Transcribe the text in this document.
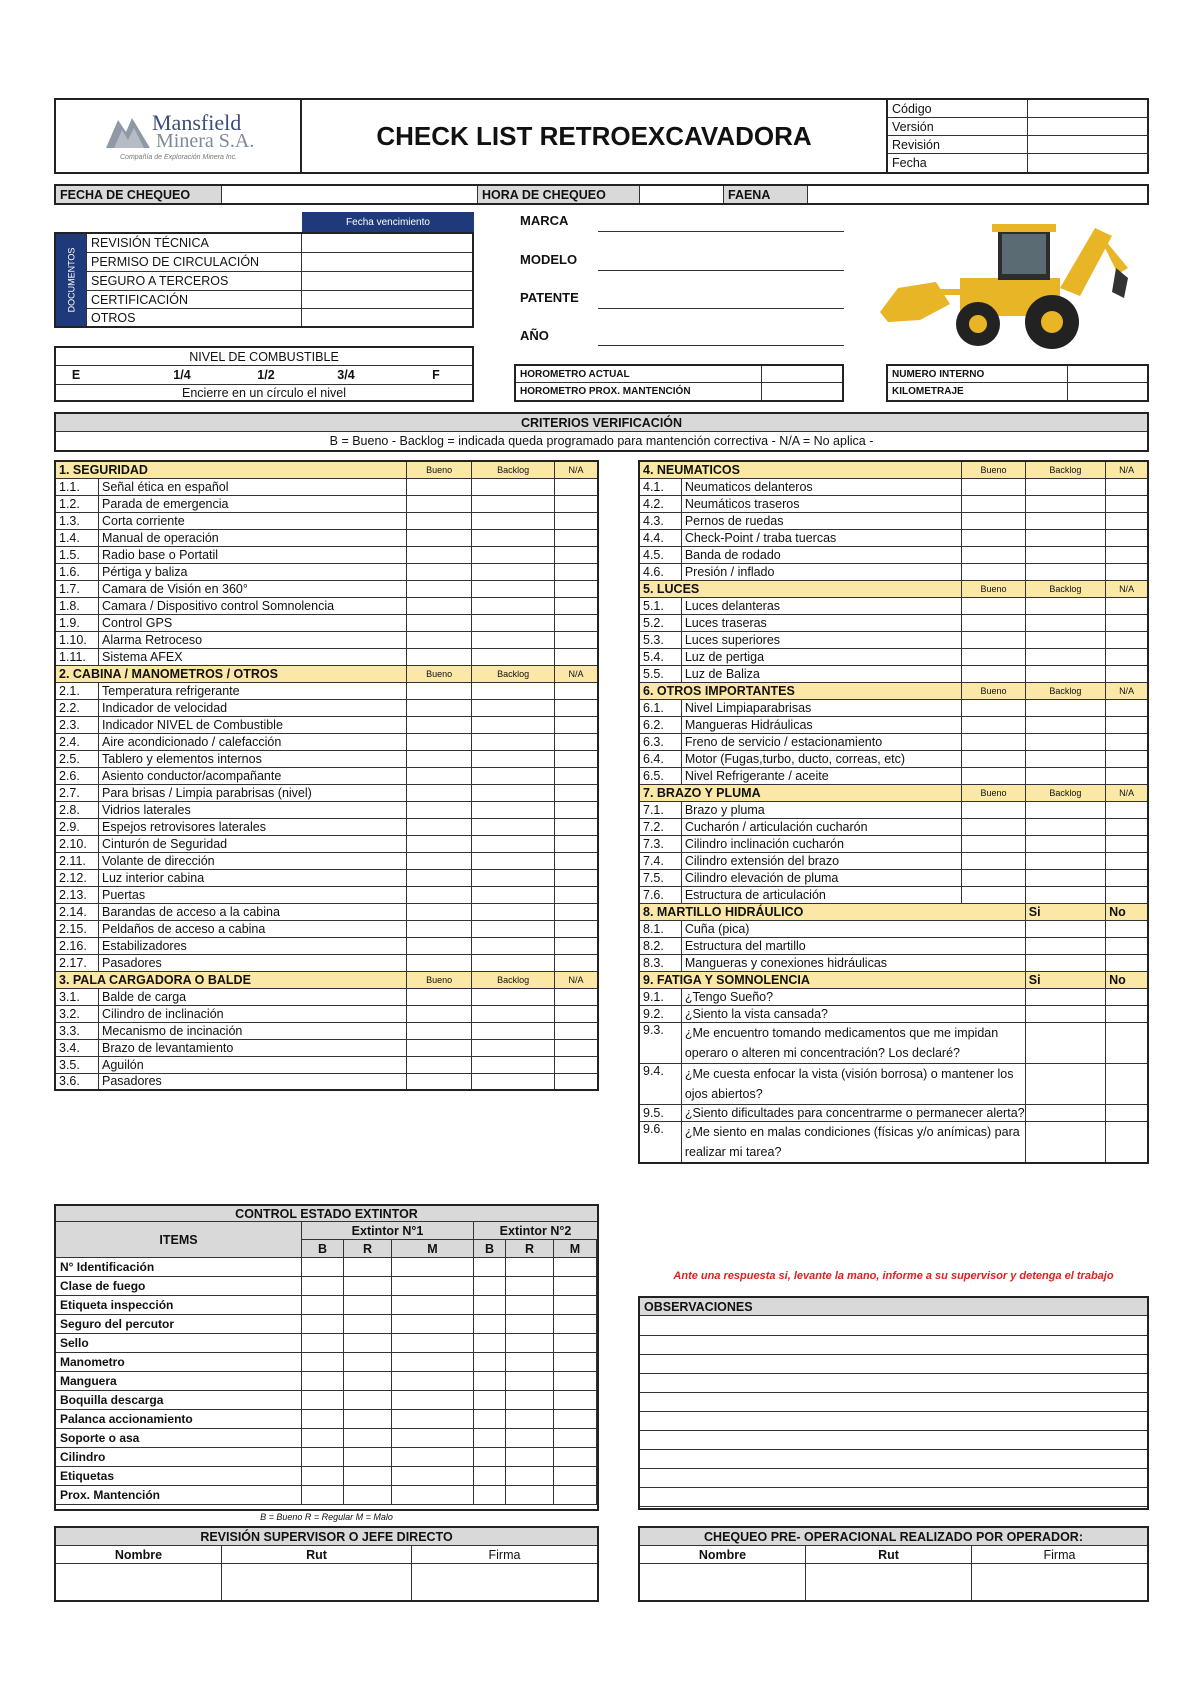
Mansfield
Minera S.A.
Compañía de Exploración Minera Inc.
CHECK LIST RETROEXCAVADORA
Código
Versión
Revisión
Fecha
FECHA DE CHEQUEO	HORA DE CHEQUEO	FAENA
Fecha vencimiento
DOCUMENTOS
REVISIÓN TÉCNICA
PERMISO DE CIRCULACIÓN
SEGURO A TERCEROS
CERTIFICACIÓN
OTROS
MARCA
MODELO
PATENTE
AÑO
NIVEL DE COMBUSTIBLE
E	1/4	1/2	3/4	F
Encierre en un círculo el nivel
HOROMETRO ACTUAL
HOROMETRO PROX. MANTENCIÓN
NUMERO INTERNO
KILOMETRAJE
CRITERIOS VERIFICACIÓN
B = Bueno - Backlog = indicada queda programado para mantención correctiva - N/A = No aplica -
1. SEGURIDAD		Bueno	Backlog	N/A
1.1.	Señal ética en español			
1.2.	Parada de emergencia			
1.3.	Corta corriente			
1.4.	Manual de operación			
1.5.	Radio base o Portatil			
1.6.	Pértiga y baliza			
1.7.	Camara de Visión en 360°			
1.8.	Camara / Dispositivo control Somnolencia			
1.9.	Control GPS			
1.10.	Alarma Retroceso			
1.11.	Sistema AFEX			
2. CABINA / MANOMETROS / OTROS		Bueno	Backlog	N/A
2.1.	Temperatura refrigerante			
2.2.	Indicador de velocidad			
2.3.	Indicador NIVEL de Combustible			
2.4.	Aire acondicionado / calefacción			
2.5.	Tablero y elementos internos			
2.6.	Asiento conductor/acompañante			
2.7.	Para brisas / Limpia parabrisas (nivel)			
2.8.	Vidrios laterales			
2.9.	Espejos retrovisores laterales			
2.10.	Cinturón de Seguridad			
2.11.	Volante de dirección			
2.12.	Luz interior cabina			
2.13.	Puertas			
2.14.	Barandas de acceso a la cabina			
2.15.	Peldaños de acceso a cabina			
2.16.	Estabilizadores			
2.17.	Pasadores			
3. PALA CARGADORA O BALDE		Bueno	Backlog	N/A
3.1.	Balde de carga			
3.2.	Cilindro de inclinación			
3.3.	Mecanismo de incinación			
3.4.	Brazo de levantamiento			
3.5.	Aguilón			
3.6.	Pasadores			
4. NEUMATICOS		Bueno	Backlog	N/A
4.1.	Neumaticos delanteros			
4.2.	Neumáticos traseros			
4.3.	Pernos de ruedas			
4.4.	Check-Point / traba tuercas			
4.5.	Banda de rodado			
4.6.	Presión / inflado			
5. LUCES		Bueno	Backlog	N/A
5.1.	Luces delanteras			
5.2.	Luces traseras			
5.3.	Luces superiores			
5.4.	Luz de pertiga			
5.5.	Luz de Baliza			
6. OTROS IMPORTANTES		Bueno	Backlog	N/A
6.1.	Nivel Limpiaparabrisas			
6.2.	Mangueras Hidráulicas			
6.3.	Freno de servicio / estacionamiento			
6.4.	Motor (Fugas,turbo, ducto, correas, etc)			
6.5.	Nivel Refrigerante / aceite			
7. BRAZO Y PLUMA		Bueno	Backlog	N/A
7.1.	Brazo y pluma			
7.2.	Cucharón / articulación cucharón			
7.3.	Cilindro inclinación cucharón			
7.4.	Cilindro extensión del brazo			
7.5.	Cilindro elevación de pluma			
7.6.	Estructura de articulación			
8. MARTILLO HIDRÁULICO			Si	No
8.1.	Cuña (pica)			
8.2.	Estructura del martillo			
8.3.	Mangueras y conexiones hidráulicas			
9. FATIGA Y SOMNOLENCIA			Si	No
9.1.	¿Tengo Sueño?			
9.2.	¿Siento la vista cansada?			
9.3.	¿Me encuentro tomando medicamentos que me impidan operaro o alteren mi concentración? Los declaré?			
9.4.	¿Me cuesta enfocar la vista (visión borrosa) o mantener los ojos abiertos?			
9.5.	¿Siento dificultades para concentrarme o permanecer alerta?			
9.6.	¿Me siento en malas condiciones (físicas y/o anímicas) para realizar mi tarea?			
Ante una respuesta si, levante la mano, informe a su supervisor y detenga el trabajo
CONTROL ESTADO EXTINTOR
ITEMS
Extintor N°1	Extintor N°2
B	R	M	B	R	M
N° Identificación
Clase de fuego
Etiqueta inspección
Seguro del percutor
Sello
Manometro
Manguera
Boquilla descarga
Palanca accionamiento
Soporte o asa
Cilindro
Etiquetas
Prox. Mantención
B = Bueno R = Regular M = Malo
OBSERVACIONES
REVISIÓN SUPERVISOR O JEFE DIRECTO
Nombre	Rut	Firma
CHEQUEO PRE- OPERACIONAL REALIZADO POR OPERADOR:
Nombre	Rut	Firma
